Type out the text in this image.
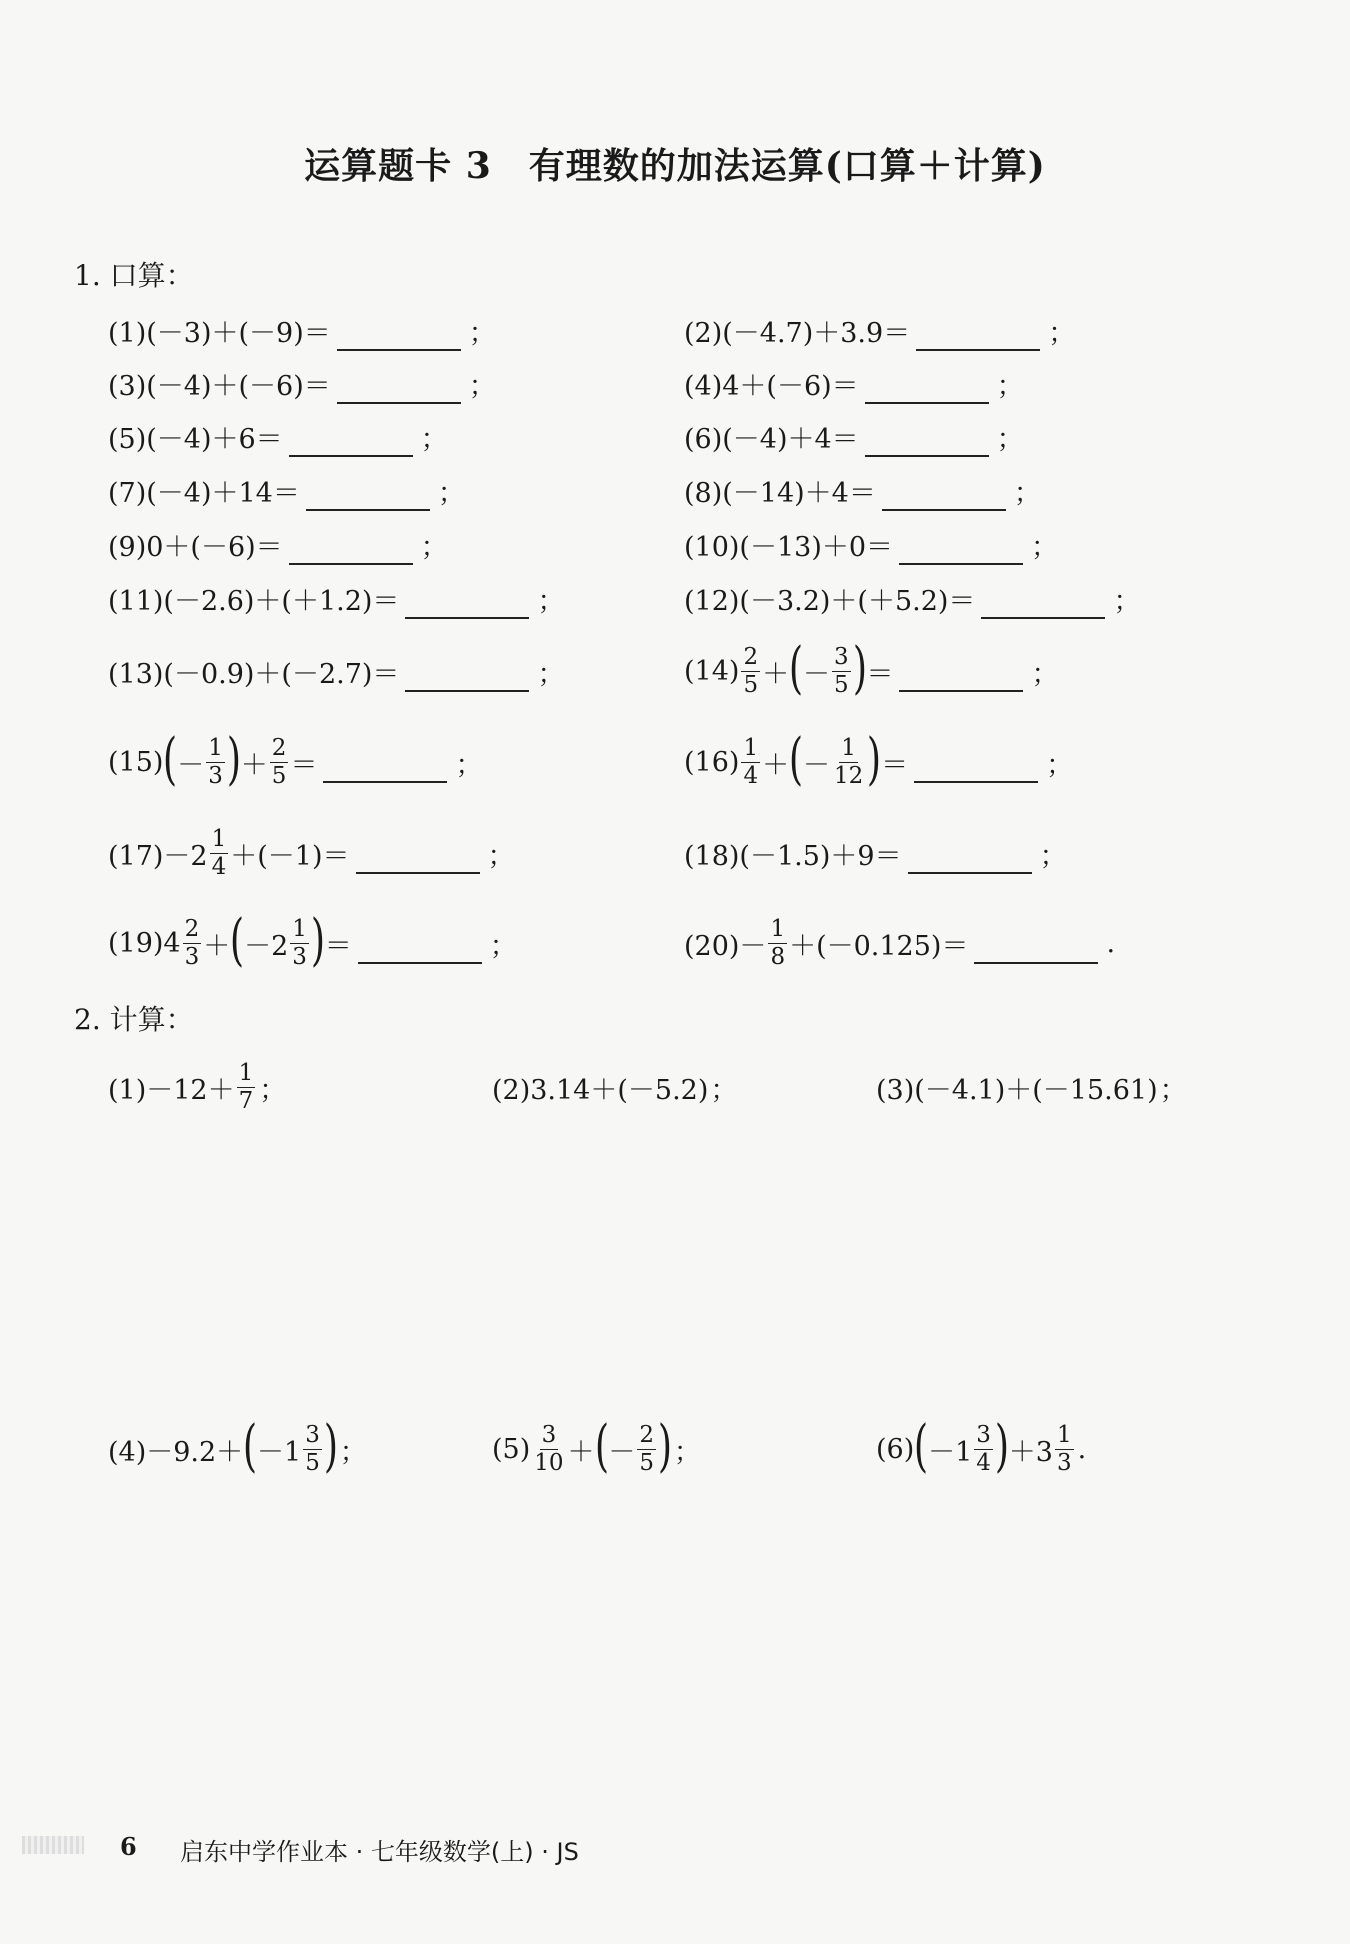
运算题卡 3　有理数的加法运算(口算＋计算)
1. 口算：
(1)(－3)＋(－9)＝	；	(2)(－4.7)＋3.9＝	；
(3)(－4)＋(－6)＝	；	(4)4＋(－6)＝	；
(5)(－4)＋6＝	；	(6)(－4)＋4＝	；
(7)(－4)＋14＝	；	(8)(－14)＋4＝	；
(9)0＋(－6)＝	；	(10)(－13)＋0＝	；
(11)(－2.6)＋(＋1.2)＝	；	(12)(－3.2)＋(＋5.2)＝	；
(13)(－0.9)＋(－2.7)＝	；	$(14) \frac{2}{5}$ ＋ ( － $\frac{3}{5}$ ) ＝	；
(15) ( － $\frac{1}{3}$ ) ＋ $\frac{2}{5}$ ＝	；	$(16) \frac{1}{4}$ ＋ ( － $\frac{1}{12}$ ) ＝	；
$(17)-2 \frac{1}{4} +(-1)=$	；	(18)(－1.5)＋9＝	；
$(19)4 \frac{2}{3}$ ＋ ( $-2 \frac{1}{3}$ ) ＝	；	$(20)- \frac{1}{8} +(-0.125)=$	.
2. 计算：
$(1)-12+ \frac{1}{7}$ ；	(2)3.14＋(－5.2) ；	(3)(－4.1)＋(－15.61) ；
(4)－9.2＋ ( $-1 \frac{3}{5}$ ) ；	$(5) \frac{3}{10}$ ＋ ( － $\frac{2}{5}$ ) ；	(6) ( $-1 \frac{3}{4}$ ) $+3 \frac{1}{3}$ .
6 启东中学作业本 · 七年级数学(上) · JS
